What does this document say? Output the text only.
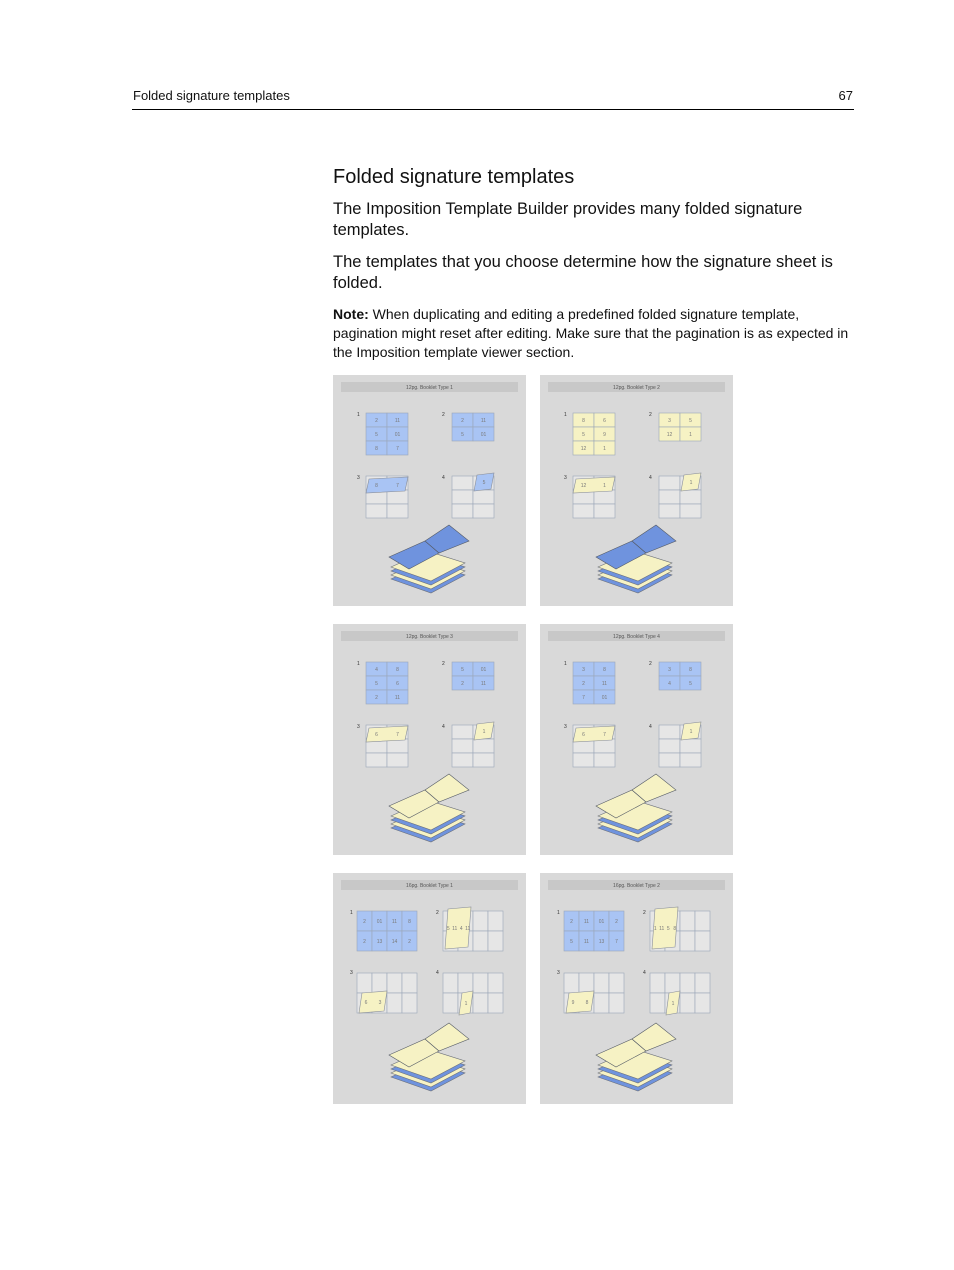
Folded signature templates	67
Folded signature templates

The Imposition Template Builder provides many folded signature templates.

The templates that you choose determine how the signature sheet is folded.

Note: When duplicating and editing a predefined folded signature template, pagination might reset after editing. Make sure that the pagination is as expected in the Imposition template viewer section.

12pg. Booklet Type 1
1	2
3	4
2	11
5	01
8	7
2	11
5	01
8	7	5
12pg. Booklet Type 2
1	2
3	4
8	6
5	9
12	1
3	5
12	1
12	1	1
12pg. Booklet Type 3
1	2
3	4
4	8
5	6
2	11
5	01
2	11
6	7	1
12pg. Booklet Type 4
1	2
3	4
3	8
2	11
7	01
3	8
4	5
6	7	1
16pg. Booklet Type 1
1	2
3	4
2 01 11 8
2 13 14 2
5 11 4 11
6 3	1
16pg. Booklet Type 2
1	2
3	4
2 11 01 2
5 11 13 7
1 11 5 8
9 8	1
